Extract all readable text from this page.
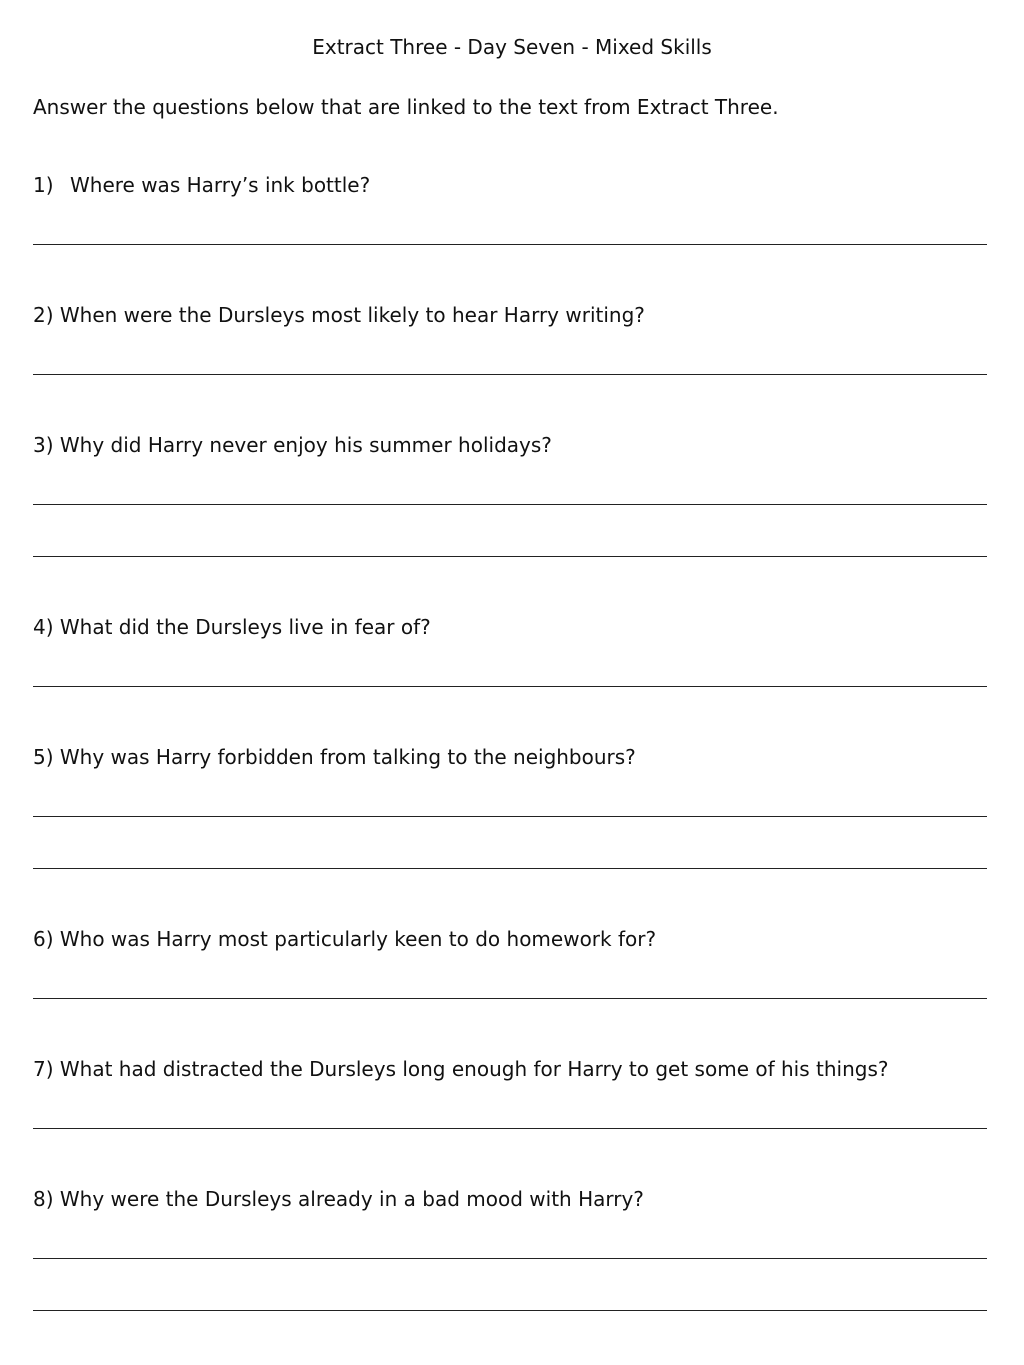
Extract Three - Day Seven - Mixed Skills
Answer the questions below that are linked to the text from Extract Three.
1) Where was Harry’s ink bottle?
2) When were the Dursleys most likely to hear Harry writing?
3) Why did Harry never enjoy his summer holidays?
4) What did the Dursleys live in fear of?
5) Why was Harry forbidden from talking to the neighbours?
6) Who was Harry most particularly keen to do homework for?
7) What had distracted the Dursleys long enough for Harry to get some of his things?
8) Why were the Dursleys already in a bad mood with Harry?
